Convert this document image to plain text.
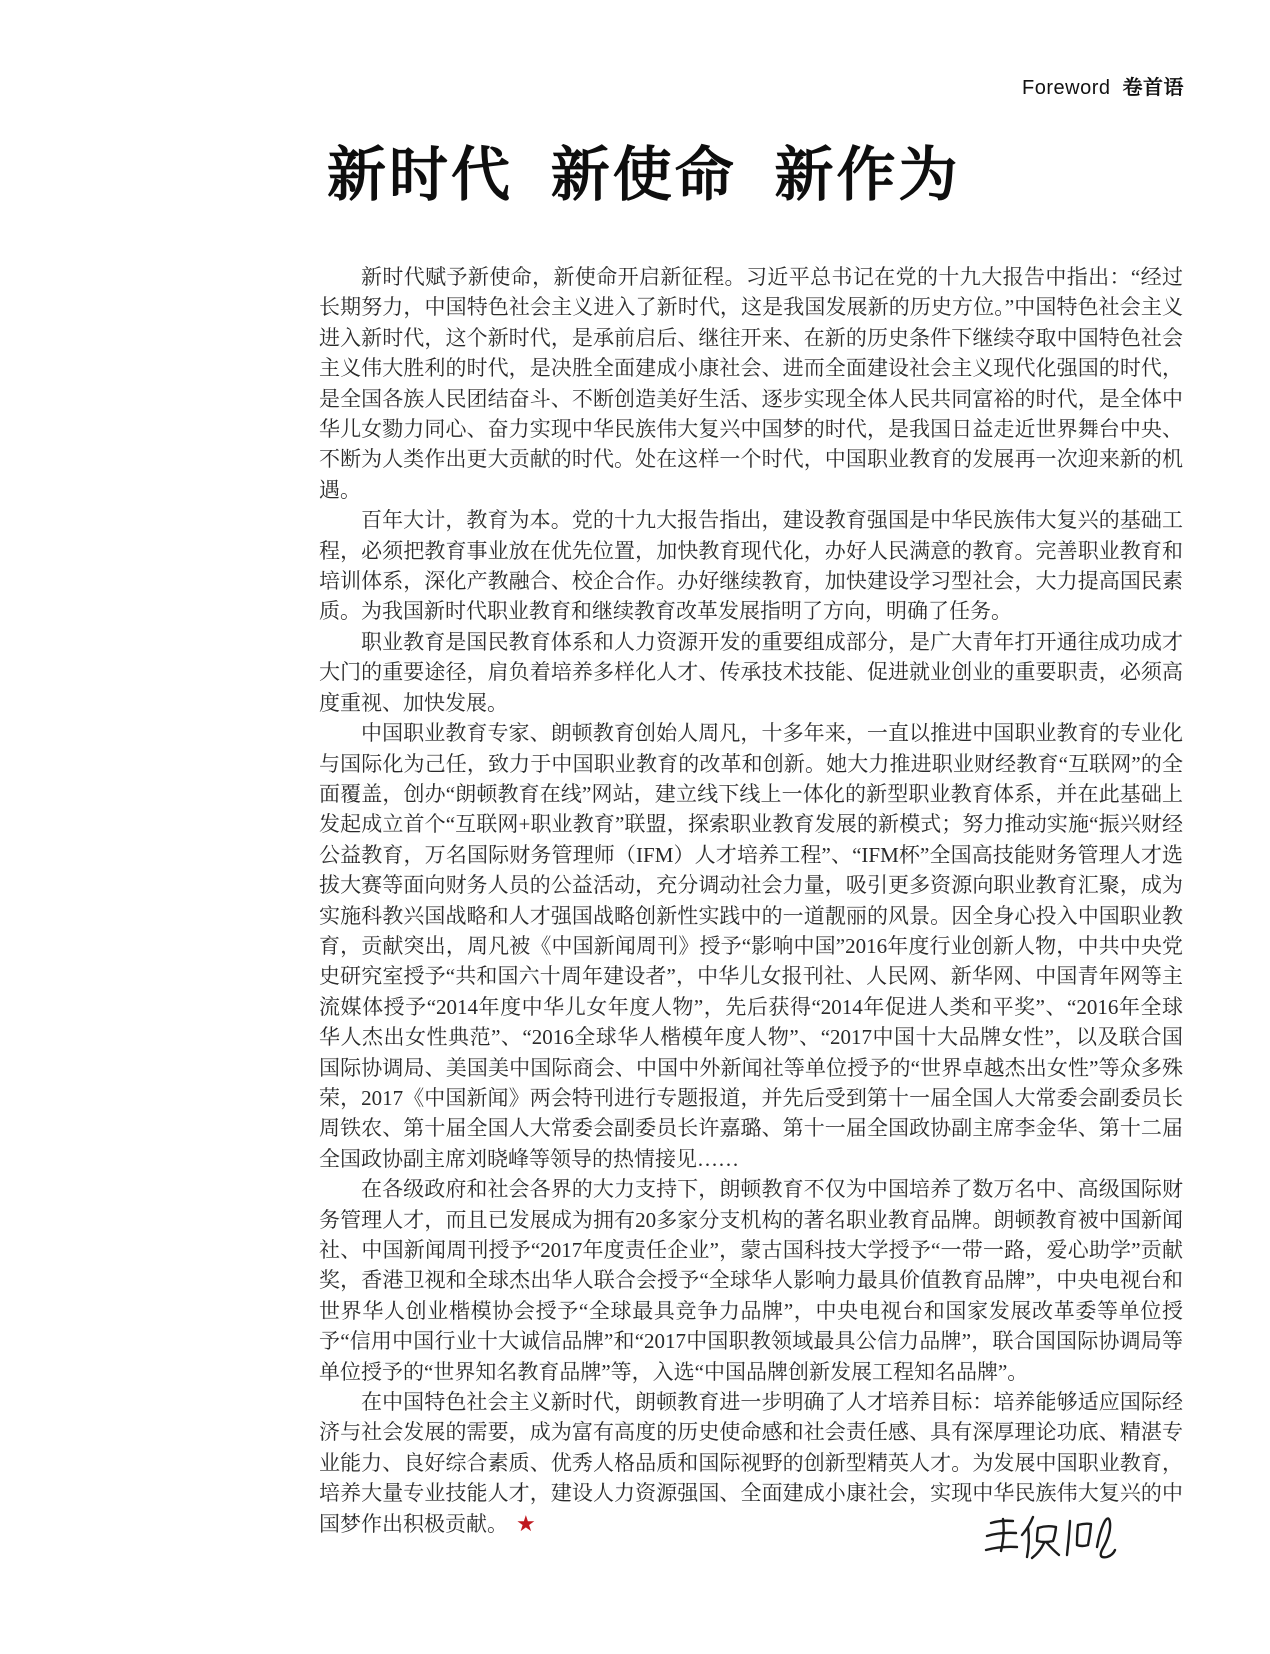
Foreword 卷首语
新时代 新使命 新作为

新时代赋予新使命，新使命开启新征程。习近平总书记在党的十九大报告中指出：“经过长期努力，中国特色社会主义进入了新时代，这是我国发展新的历史方位。”中国特色社会主义进入新时代，这个新时代，是承前启后、继往开来、在新的历史条件下继续夺取中国特色社会主义伟大胜利的时代，是决胜全面建成小康社会、进而全面建设社会主义现代化强国的时代，是全国各族人民团结奋斗、不断创造美好生活、逐步实现全体人民共同富裕的时代，是全体中华儿女勠力同心、奋力实现中华民族伟大复兴中国梦的时代，是我国日益走近世界舞台中央、不断为人类作出更大贡献的时代。处在这样一个时代，中国职业教育的发展再一次迎来新的机遇。

百年大计，教育为本。党的十九大报告指出，建设教育强国是中华民族伟大复兴的基础工程，必须把教育事业放在优先位置，加快教育现代化，办好人民满意的教育。完善职业教育和培训体系，深化产教融合、校企合作。办好继续教育，加快建设学习型社会，大力提高国民素质。为我国新时代职业教育和继续教育改革发展指明了方向，明确了任务。

职业教育是国民教育体系和人力资源开发的重要组成部分，是广大青年打开通往成功成才大门的重要途径，肩负着培养多样化人才、传承技术技能、促进就业创业的重要职责，必须高度重视、加快发展。

中国职业教育专家、朗顿教育创始人周凡，十多年来，一直以推进中国职业教育的专业化与国际化为己任，致力于中国职业教育的改革和创新。她大力推进职业财经教育“互联网”的全面覆盖，创办“朗顿教育在线”网站，建立线下线上一体化的新型职业教育体系，并在此基础上发起成立首个“互联网+职业教育”联盟，探索职业教育发展的新模式；努力推动实施“振兴财经公益教育，万名国际财务管理师（IFM）人才培养工程”、“IFM杯”全国高技能财务管理人才选拔大赛等面向财务人员的公益活动，充分调动社会力量，吸引更多资源向职业教育汇聚，成为实施科教兴国战略和人才强国战略创新性实践中的一道靓丽的风景。因全身心投入中国职业教育，贡献突出，周凡被《中国新闻周刊》授予“影响中国”2016年度行业创新人物，中共中央党史研究室授予“共和国六十周年建设者”，中华儿女报刊社、人民网、新华网、中国青年网等主流媒体授予“2014年度中华儿女年度人物”，先后获得“2014年促进人类和平奖”、“2016年全球华人杰出女性典范”、“2016全球华人楷模年度人物”、“2017中国十大品牌女性”，以及联合国国际协调局、美国美中国际商会、中国中外新闻社等单位授予的“世界卓越杰出女性”等众多殊荣，2017《中国新闻》两会特刊进行专题报道，并先后受到第十一届全国人大常委会副委员长周铁农、第十届全国人大常委会副委员长许嘉璐、第十一届全国政协副主席李金华、第十二届全国政协副主席刘晓峰等领导的热情接见……

在各级政府和社会各界的大力支持下，朗顿教育不仅为中国培养了数万名中、高级国际财务管理人才，而且已发展成为拥有20多家分支机构的著名职业教育品牌。朗顿教育被中国新闻社、中国新闻周刊授予“2017年度责任企业”，蒙古国科技大学授予“一带一路，爱心助学”贡献奖，香港卫视和全球杰出华人联合会授予“全球华人影响力最具价值教育品牌”，中央电视台和世界华人创业楷模协会授予“全球最具竞争力品牌”，中央电视台和国家发展改革委等单位授予“信用中国行业十大诚信品牌”和“2017中国职教领域最具公信力品牌”，联合国国际协调局等单位授予的“世界知名教育品牌”等，入选“中国品牌创新发展工程知名品牌”。

在中国特色社会主义新时代，朗顿教育进一步明确了人才培养目标：培养能够适应国际经济与社会发展的需要，成为富有高度的历史使命感和社会责任感、具有深厚理论功底、精湛专业能力、良好综合素质、优秀人格品质和国际视野的创新型精英人才。为发展中国职业教育，培养大量专业技能人才，建设人力资源强国、全面建成小康社会，实现中华民族伟大复兴的中国梦作出积极贡献。 ★
